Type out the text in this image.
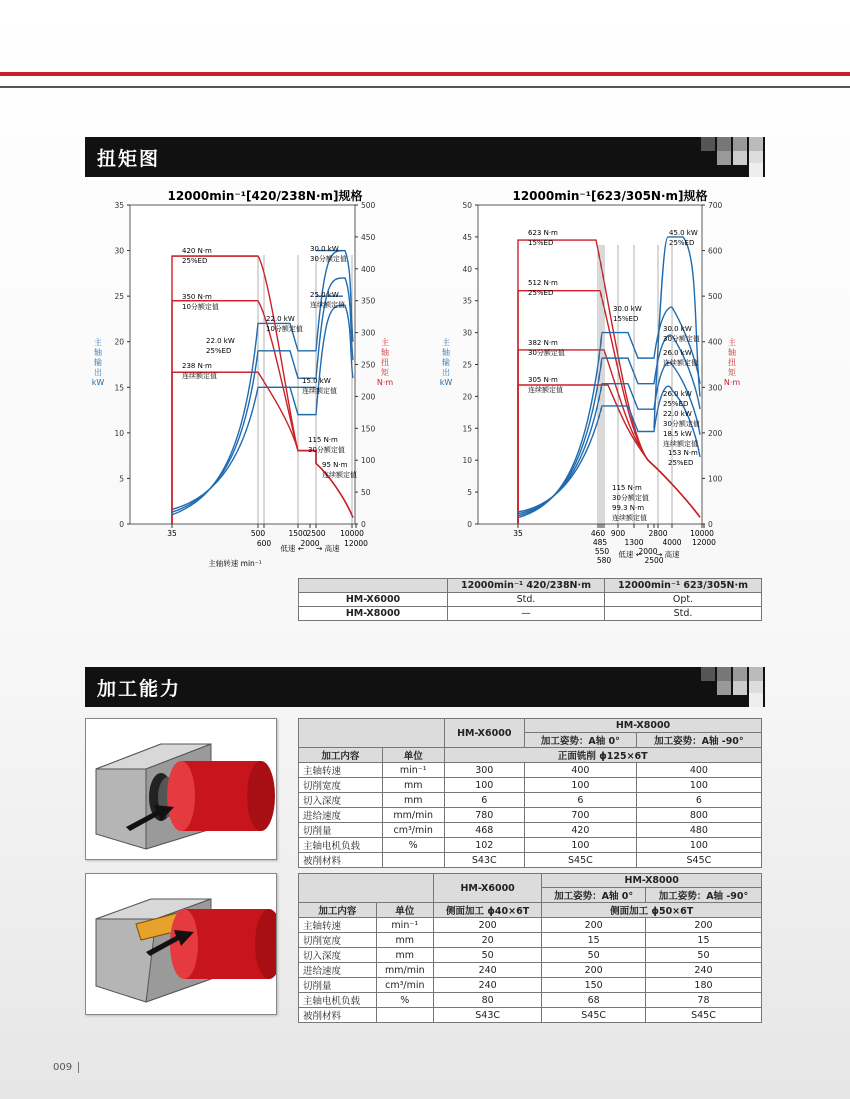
扭矩图
12000min⁻¹[420/238N·m]规格
0
5
10
15
20
25
30
35
0
50
100
150
200
250
300
350
400
450
500
主
轴
输
出
kW
主
轴
扭
矩
N·m
35	500
600
1500
2000
2500 10000
12000
低速 ← → 高速
主轴转速 min⁻¹
420 N·m
25%ED
350 N·m
10分额定值
238 N·m
连续额定值
30.0 kW
30分额定值
25.0 kW
连续额定值
22.0 kW
25%ED
22.0 kW
10分额定值
15.0 kW
连续额定值
115 N·m
30分额定值
95 N·m
连续额定值
12000min⁻¹[623/305N·m]规格
0
5
10
15
20
25
30
35
40
45
50
0
100
200
300
400
500
600
700
主
轴
输
出
kW
主
轴
扭
矩
N·m
35	460
485
550
580
900
1300
2000
2500
2800
4000
10000
12000
低速 ← → 高速
623 N·m
15%ED
512 N·m
25%ED
382 N·m
30分额定值
305 N·m
连续额定值
45.0 kW
25%ED
30.0 kW
15%ED
30.0 kW
30分额定值
26.0 kW
连续额定值
26.0 kW
25%ED
22.0 kW
30分额定值
18.5 kW
连续额定值
153 N·m
25%ED
115 N·m
30分额定值
99.3 N·m
连续额定值
	12000min⁻¹ 420/238N·m	12000min⁻¹ 623/305N·m
HM-X6000	Std.	Opt.
HM-X8000	—	Std.
加工能力
		HM-X6000	HM-X8000	
			加工姿势：A轴 0°	加工姿势：A轴 -90°
加工内容	单位	正面铣削 ϕ125×6T		
主轴转速	min⁻¹	300	400	400
切削宽度	mm	100	100	100
切入深度	mm	6	6	6
进给速度	mm/min	780	700	800
切削量	cm³/min	468	420	480
主轴电机负载	%	102	100	100
被削材料		S43C	S45C	S45C
		HM-X6000	HM-X8000	
			加工姿势：A轴 0°	加工姿势：A轴 -90°
加工内容	单位	侧面加工 ϕ40×6T	侧面加工 ϕ50×6T	
主轴转速	min⁻¹	200	200	200
切削宽度	mm	20	15	15
切入深度	mm	50	50	50
进给速度	mm/min	240	200	240
切削量	cm³/min	240	150	180
主轴电机负载	%	80	68	78
被削材料		S43C	S45C	S45C
009
